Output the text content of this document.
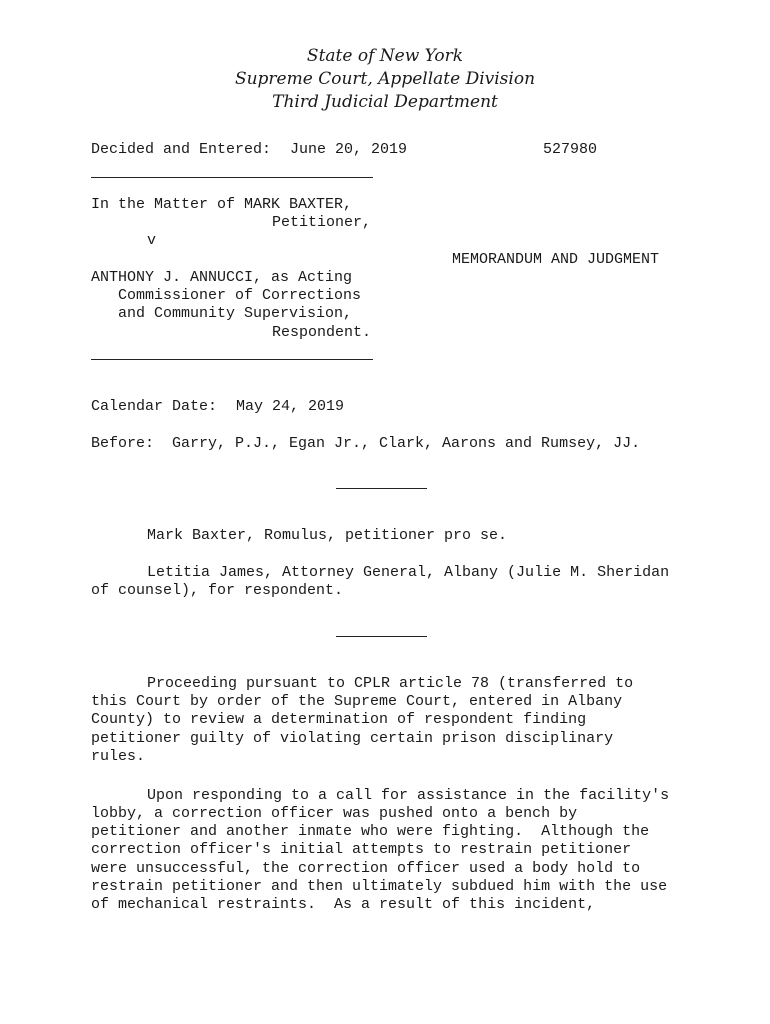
State of New York
Supreme Court, Appellate Division
Third Judicial Department
Decided and Entered: June 20, 2019	527980
In the Matter of MARK BAXTER,
Petitioner,
v
MEMORANDUM AND JUDGMENT
ANTHONY J. ANNUCCI, as Acting
Commissioner of Corrections
and Community Supervision,
Respondent.
Calendar Date: May 24, 2019
Before: Garry, P.J., Egan Jr., Clark, Aarons and Rumsey, JJ.
Mark Baxter, Romulus, petitioner pro se.
Letitia James, Attorney General, Albany (Julie M. Sheridan
of counsel), for respondent.
Proceeding pursuant to CPLR article 78 (transferred to
this Court by order of the Supreme Court, entered in Albany
County) to review a determination of respondent finding
petitioner guilty of violating certain prison disciplinary
rules.
Upon responding to a call for assistance in the facility's
lobby, a correction officer was pushed onto a bench by
petitioner and another inmate who were fighting.  Although the
correction officer's initial attempts to restrain petitioner
were unsuccessful, the correction officer used a body hold to
restrain petitioner and then ultimately subdued him with the use
of mechanical restraints.  As a result of this incident,
